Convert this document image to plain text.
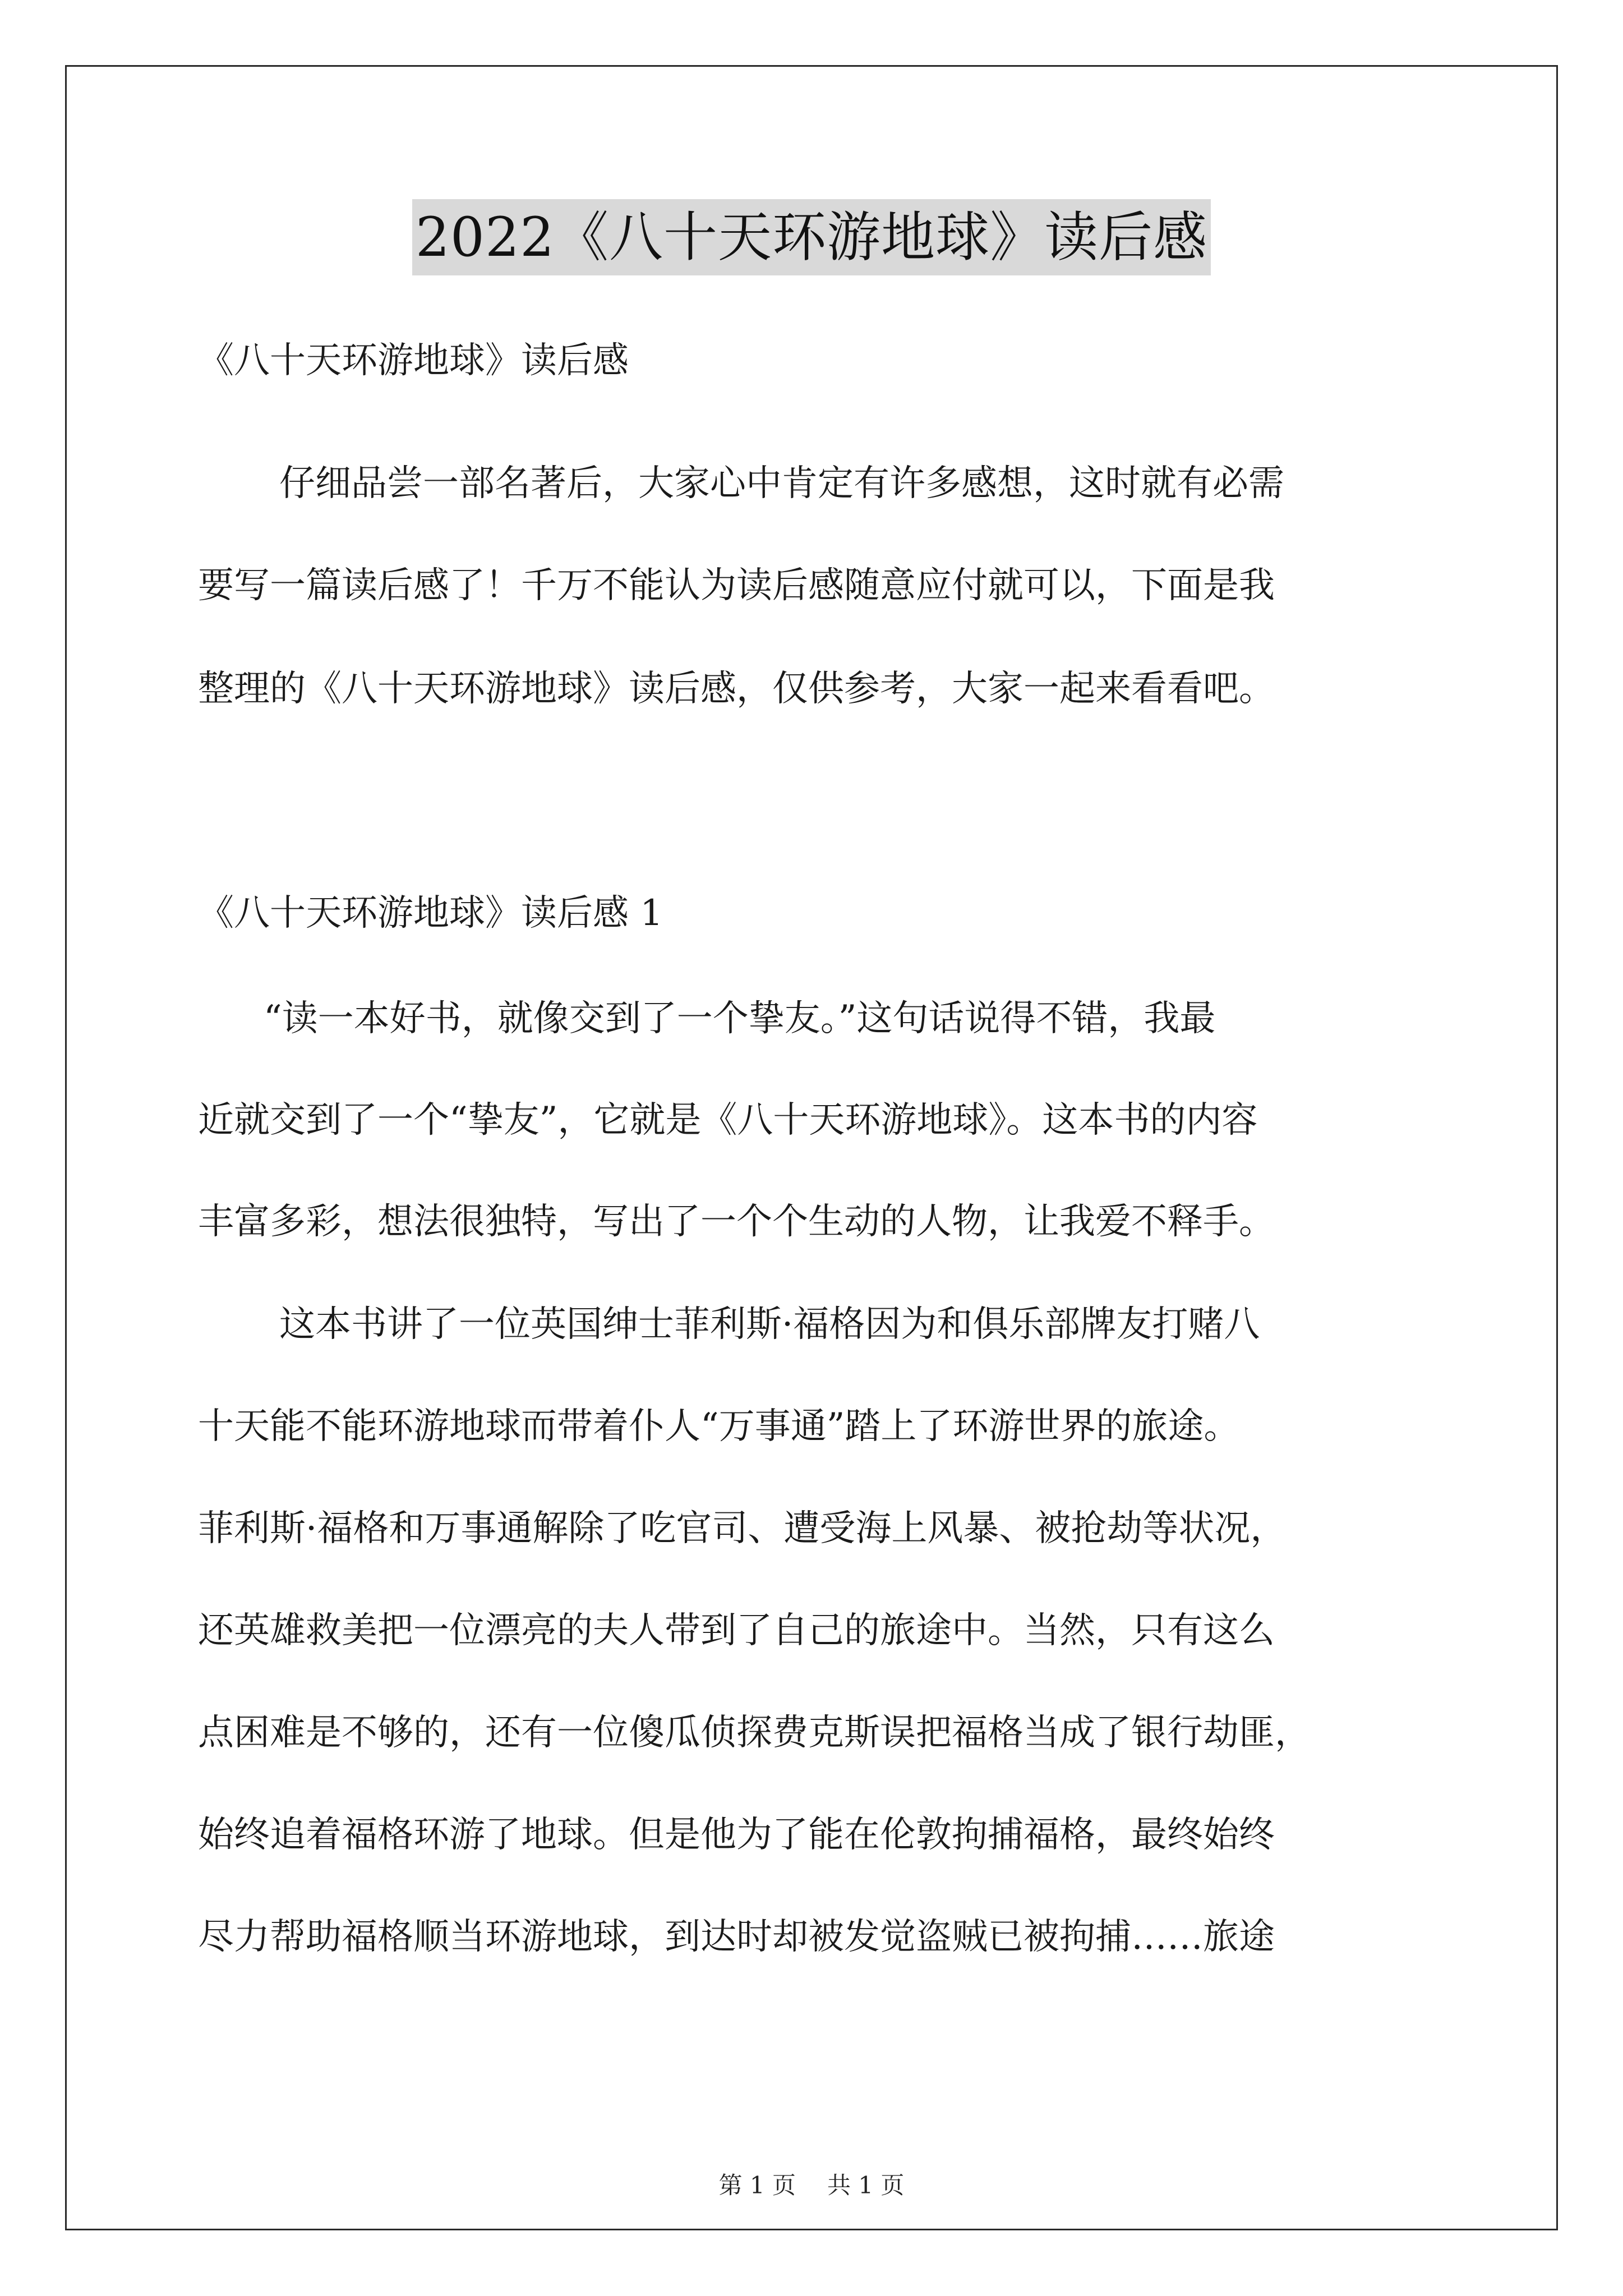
2022《八十天环游地球》读后感
《八十天环游地球》读后感
仔细品尝一部名著后，大家心中肯定有许多感想，这时就有必需
要写一篇读后感了！千万不能认为读后感随意应付就可以，下面是我
整理的《八十天环游地球》读后感，仅供参考，大家一起来看看吧。
《八十天环游地球》读后感 1
“读一本好书，就像交到了一个挚友。”这句话说得不错，我最
近就交到了一个“挚友”，它就是《八十天环游地球》。这本书的内容
丰富多彩，想法很独特，写出了一个个生动的人物，让我爱不释手。
这本书讲了一位英国绅士菲利斯·福格因为和俱乐部牌友打赌八
十天能不能环游地球而带着仆人“万事通”踏上了环游世界的旅途。
菲利斯·福格和万事通解除了吃官司、遭受海上风暴、被抢劫等状况，
还英雄救美把一位漂亮的夫人带到了自己的旅途中。当然，只有这么
点困难是不够的，还有一位傻瓜侦探费克斯误把福格当成了银行劫匪，
始终追着福格环游了地球。但是他为了能在伦敦拘捕福格，最终始终
尽力帮助福格顺当环游地球，到达时却被发觉盗贼已被拘捕……旅途
第 1 页 共 1 页
